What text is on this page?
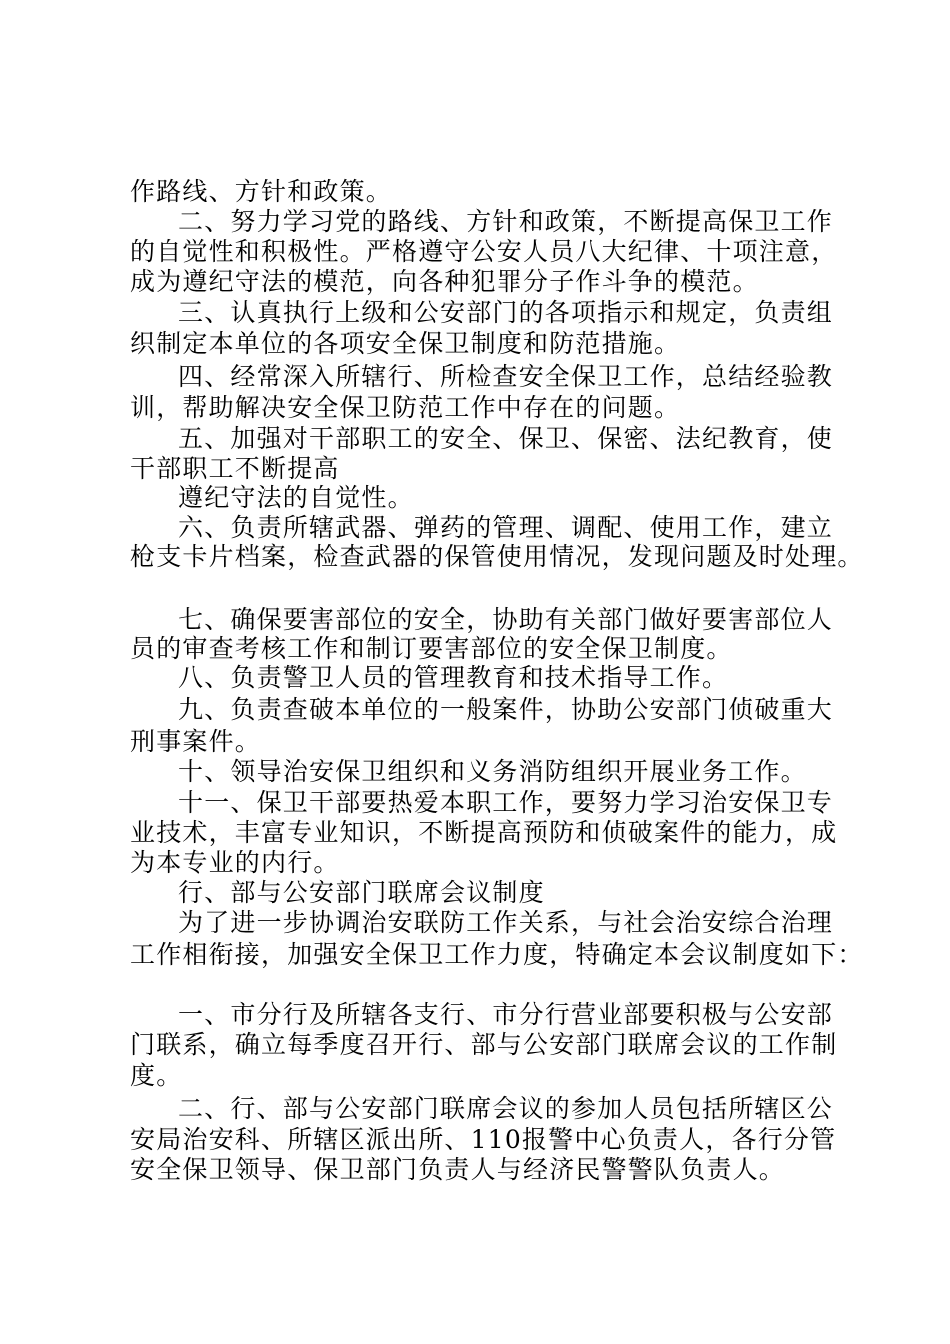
作路线、方针和政策。
二、努力学习党的路线、方针和政策，不断提高保卫工作
的自觉性和积极性。严格遵守公安人员八大纪律、十项注意，
成为遵纪守法的模范，向各种犯罪分子作斗争的模范。
三、认真执行上级和公安部门的各项指示和规定，负责组
织制定本单位的各项安全保卫制度和防范措施。
四、经常深入所辖行、所检查安全保卫工作，总结经验教
训，帮助解决安全保卫防范工作中存在的问题。
五、加强对干部职工的安全、保卫、保密、法纪教育，使
干部职工不断提高
遵纪守法的自觉性。
六、负责所辖武器、弹药的管理、调配、使用工作，建立
枪支卡片档案，检查武器的保管使用情况，发现问题及时处理。
七、确保要害部位的安全，协助有关部门做好要害部位人
员的审查考核工作和制订要害部位的安全保卫制度。
八、负责警卫人员的管理教育和技术指导工作。
九、负责查破本单位的一般案件，协助公安部门侦破重大
刑事案件。
十、领导治安保卫组织和义务消防组织开展业务工作。
十一、保卫干部要热爱本职工作，要努力学习治安保卫专
业技术，丰富专业知识，不断提高预防和侦破案件的能力，成
为本专业的内行。
行、部与公安部门联席会议制度
为了进一步协调治安联防工作关系，与社会治安综合治理
工作相衔接，加强安全保卫工作力度，特确定本会议制度如下：
一、市分行及所辖各支行、市分行营业部要积极与公安部
门联系，确立每季度召开行、部与公安部门联席会议的工作制
度。
二、行、部与公安部门联席会议的参加人员包括所辖区公
安局治安科、所辖区派出所、110报警中心负责人，各行分管
安全保卫领导、保卫部门负责人与经济民警警队负责人。
